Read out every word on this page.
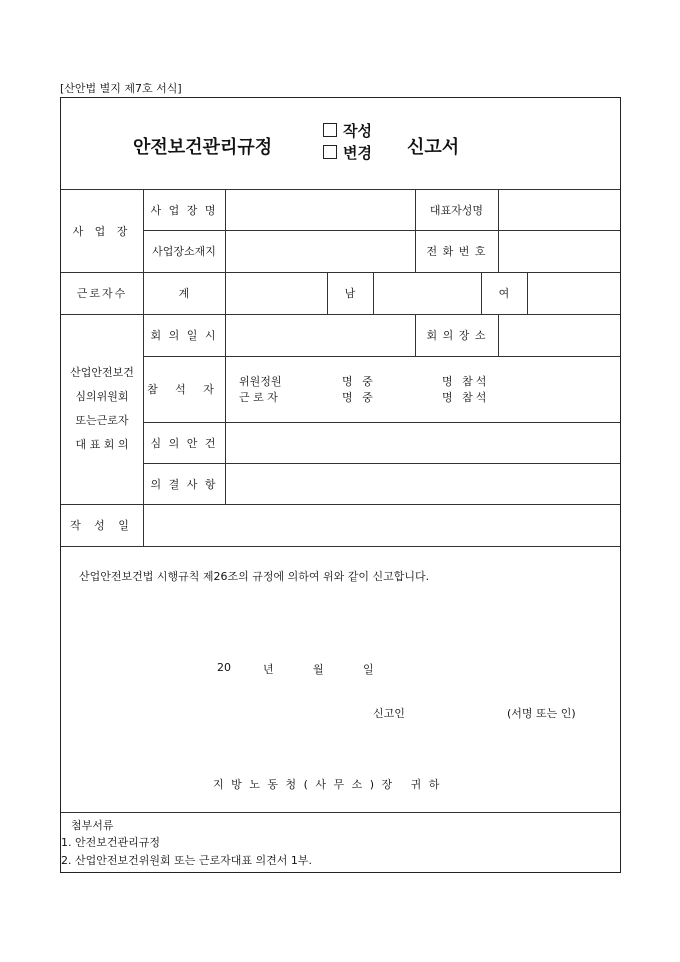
[산안법 별지 제7호 서식]
안전보건관리규정
작성
변경 신고서
사 업 장
사 업 장 명	대표자성명
사업장소재지	전 화 번 호
근로자수	계	남	여
산업안전보건
심의위원회
또는근로자
대 표 회 의
회 의 일 시	회 의 장 소
참 석 자
위원정원	명 중	명 참석
근 로 자	명 중	명 참석
심 의 안 건
의 결 사 항
작 성 일
산업안전보건법 시행규칙 제26조의 규정에 의하여 위와 같이 신고합니다.
20	년	월	일
신고인	(서명 또는 인)
지 방 노 동 청 ( 사 무 소 ) 장   귀 하
첨부서류
1. 안전보건관리규정
2. 산업안전보건위원회 또는 근로자대표 의견서 1부.
